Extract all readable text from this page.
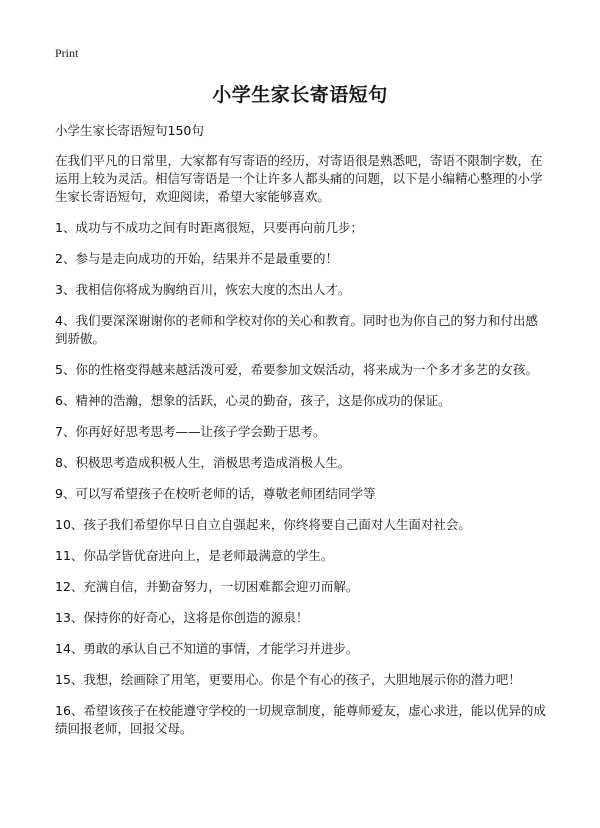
Print
小学生家长寄语短句

小学生家长寄语短句150句

在我们平凡的日常里，大家都有写寄语的经历，对寄语很是熟悉吧，寄语不限制字数，在运用上较为灵活。相信写寄语是一个让许多人都头痛的问题，以下是小编精心整理的小学生家长寄语短句，欢迎阅读，希望大家能够喜欢。

1、成功与不成功之间有时距离很短，只要再向前几步；
2、参与是走向成功的开始，结果并不是最重要的！
3、我相信你将成为胸纳百川，恢宏大度的杰出人才。
4、我们要深深谢谢你的老师和学校对你的关心和教育。同时也为你自己的努力和付出感到骄傲。
5、你的性格变得越来越活泼可爱，希要参加文娱活动，将来成为一个多才多艺的女孩。
6、精神的浩瀚，想象的活跃，心灵的勤奋，孩子，这是你成功的保证。
7、你再好好思考思考——让孩子学会勤于思考。
8、积极思考造成积极人生，消极思考造成消极人生。
9、可以写希望孩子在校听老师的话，尊敬老师团结同学等
10、孩子我们希望你早日自立自强起来，你终将要自己面对人生面对社会。
11、你品学皆优奋进向上，是老师最满意的学生。
12、充满自信，并勤奋努力，一切困难都会迎刃而解。
13、保持你的好奇心，这将是你创造的源泉！
14、勇敢的承认自己不知道的事情，才能学习并进步。
15、我想，绘画除了用笔，更要用心。你是个有心的孩子，大胆地展示你的潜力吧！
16、希望该孩子在校能遵守学校的一切规章制度，能尊师爱友，虚心求进，能以优异的成绩回报老师，回报父母。
